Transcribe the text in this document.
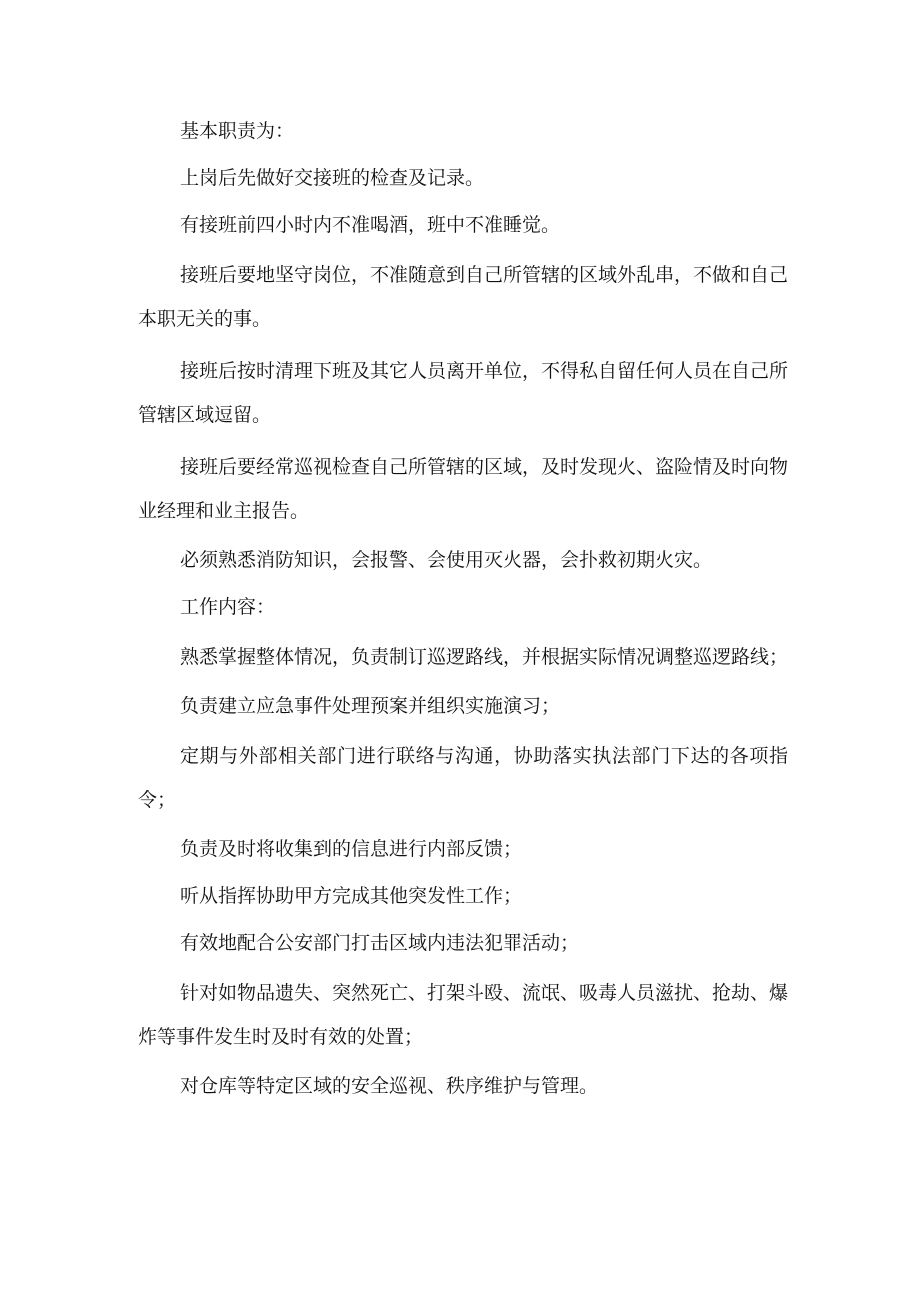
基本职责为：

上岗后先做好交接班的检查及记录。

有接班前四小时内不准喝酒，班中不准睡觉。

接班后要地坚守岗位，不准随意到自己所管辖的区域外乱串，不做和自己本职无关的事。

接班后按时清理下班及其它人员离开单位，不得私自留任何人员在自己所管辖区域逗留。

接班后要经常巡视检查自己所管辖的区域，及时发现火、盗险情及时向物业经理和业主报告。

必须熟悉消防知识，会报警、会使用灭火器，会扑救初期火灾。

工作内容：

熟悉掌握整体情况，负责制订巡逻路线，并根据实际情况调整巡逻路线；

负责建立应急事件处理预案并组织实施演习；

定期与外部相关部门进行联络与沟通，协助落实执法部门下达的各项指令；

负责及时将收集到的信息进行内部反馈；

听从指挥协助甲方完成其他突发性工作；

有效地配合公安部门打击区域内违法犯罪活动；

针对如物品遗失、突然死亡、打架斗殴、流氓、吸毒人员滋扰、抢劫、爆炸等事件发生时及时有效的处置；

对仓库等特定区域的安全巡视、秩序维护与管理。
